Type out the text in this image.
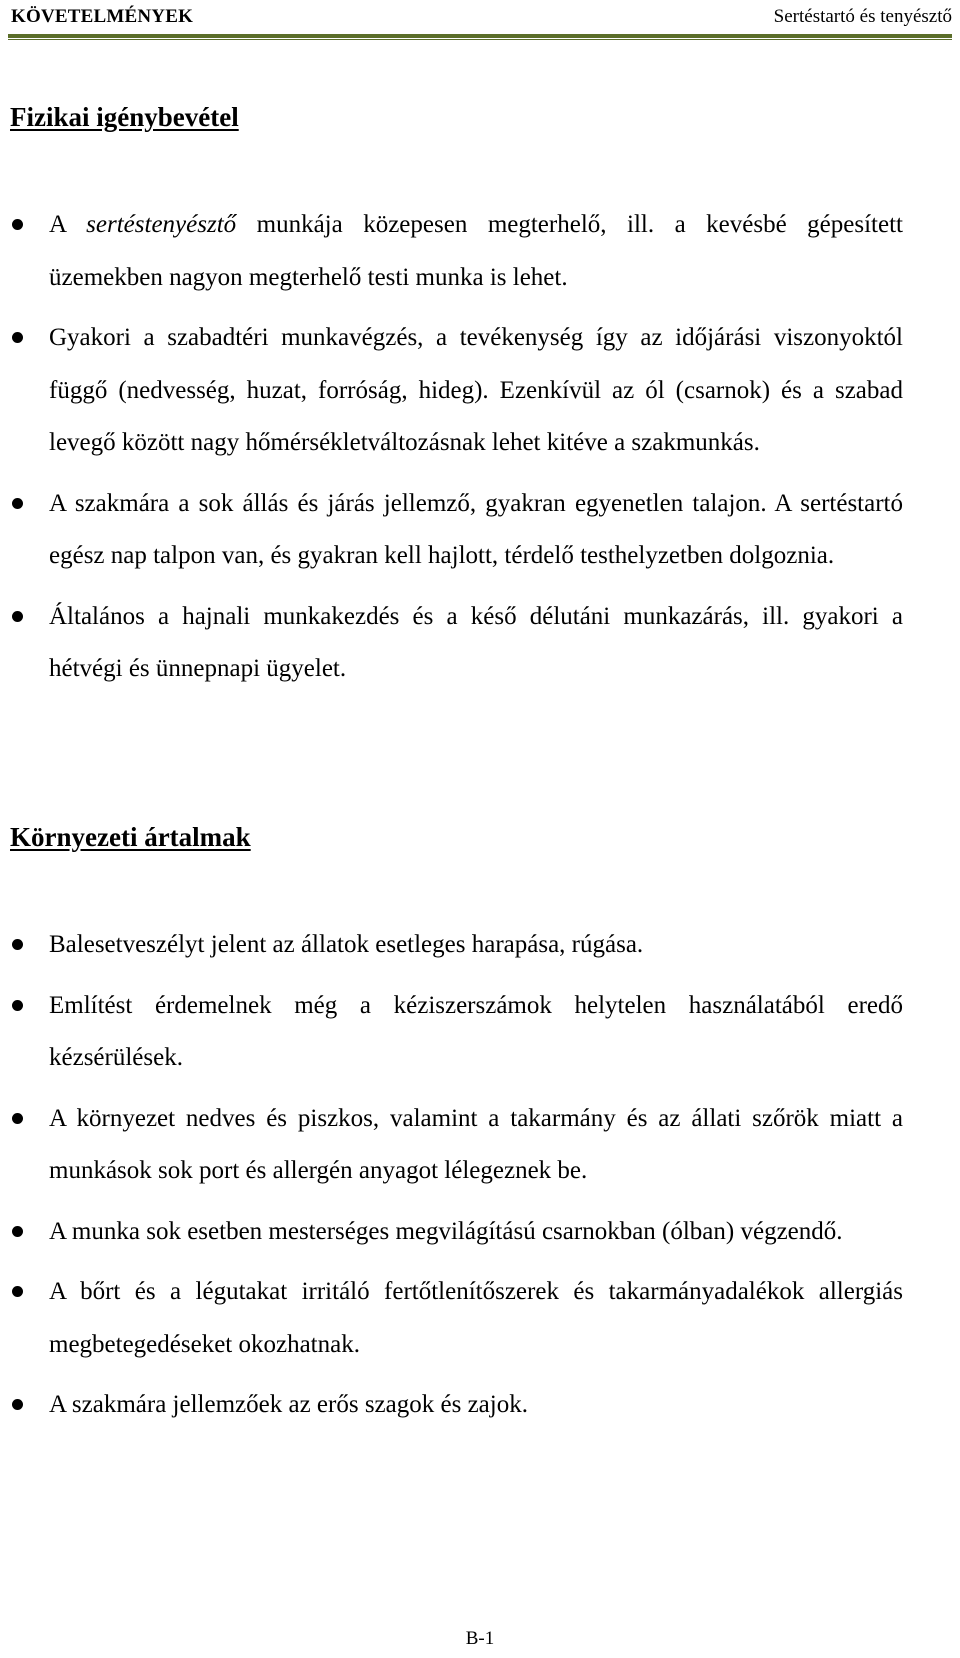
KÖVETELMÉNYEK	Sertéstartó és tenyésztő
Fizikai igénybevétel
A sertéstenyésztő munkája közepesen megterhelő, ill. a kevésbé gépesített üzemekben nagyon megterhelő testi munka is lehet.
Gyakori a szabadtéri munkavégzés, a tevékenység így az időjárási viszonyoktól függő (nedvesség, huzat, forróság, hideg). Ezenkívül az ól (csarnok) és a szabad levegő között nagy hőmérsékletváltozásnak lehet kitéve a szakmunkás.
A szakmára a sok állás és járás jellemző, gyakran egyenetlen talajon. A sertéstartó egész nap talpon van, és gyakran kell hajlott, térdelő testhelyzetben dolgoznia.
Általános a hajnali munkakezdés és a késő délutáni munkazárás, ill. gyakori a hétvégi és ünnepnapi ügyelet.
Környezeti ártalmak
Balesetveszélyt jelent az állatok esetleges harapása, rúgása.
Említést érdemelnek még a kéziszerszámok helytelen használatából eredő kézsérülések.
A környezet nedves és piszkos, valamint a takarmány és az állati szőrök miatt a munkások sok port és allergén anyagot lélegeznek be.
A munka sok esetben mesterséges megvilágítású csarnokban (ólban) végzendő.
A bőrt és a légutakat irritáló fertőtlenítőszerek és takarmányadalékok allergiás megbetegedéseket okozhatnak.
A szakmára jellemzőek az erős szagok és zajok.
B-1
